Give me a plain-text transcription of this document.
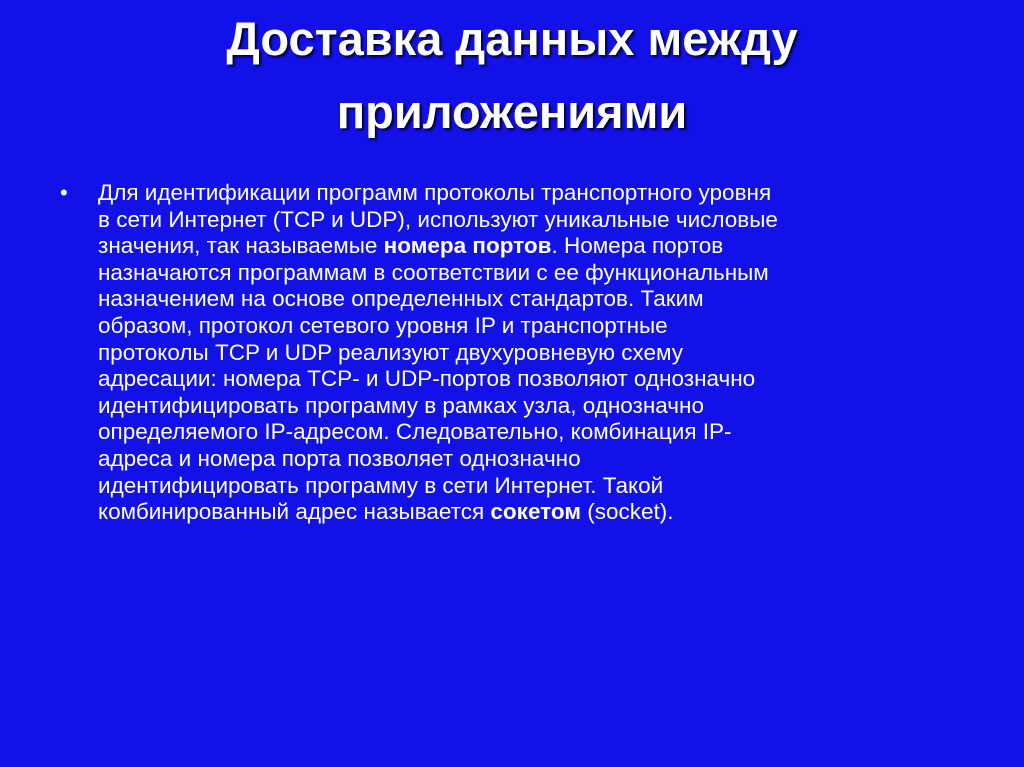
Доставка данных между
приложениями
•	Для идентификации программ протоколы транспортного уровня
в сети Интернет (TCP и UDP), используют уникальные числовые
значения, так называемые номера портов. Номера портов
назначаются программам в соответствии с ее функциональным
назначением на основе определенных стандартов. Таким
образом, протокол сетевого уровня IP и транспортные
протоколы TCP и UDP реализуют двухуровневую схему
адресации: номера TCP- и UDP-портов позволяют однозначно
идентифицировать программу в рамках узла, однозначно
определяемого IP-адресом. Следовательно, комбинация IP-
адреса и номера порта позволяет однозначно
идентифицировать программу в сети Интернет. Такой
комбинированный адрес называется сокетом (socket).
